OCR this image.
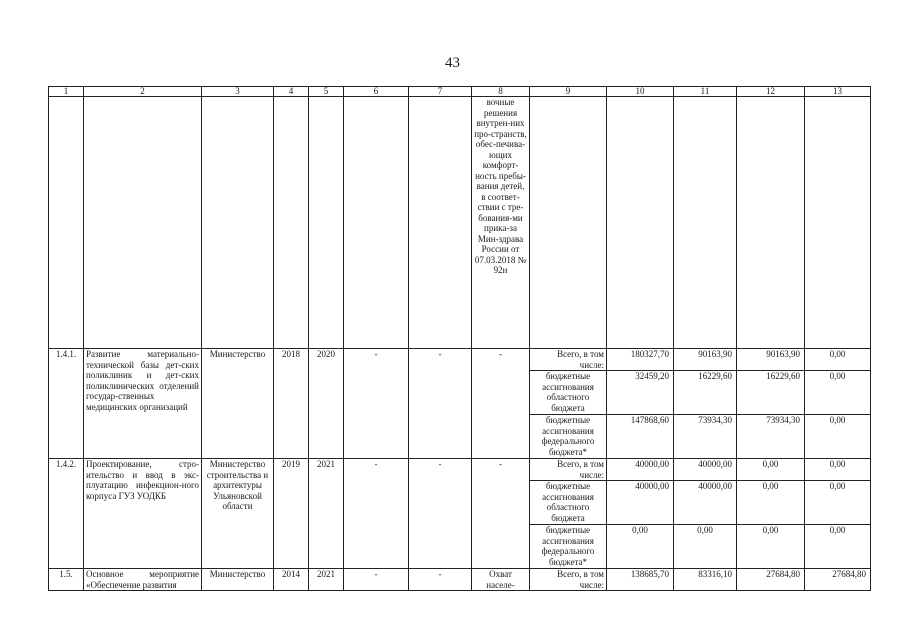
43
1	2	3	4	5	6	7	8	9	10	11	12	13
							вочные решения внутрен-них про-странств, обес-печива-ющих комфорт-ность пребы-вания детей, в соответ-ствии с тре-бования-ми прика-за Мин-здрава России от 07.03.2018 № 92н					
1.4.1.	Развитие материально-технической базы дет-ских поликлиник и дет-ских поликлинических отделений государ-ственных медицинских организаций	Министерство	2018	2020	-	-	-	Всего, в том числе:	180327,70	90163,90	90163,90	0,00
								бюджетные ассигнования областного бюджета	32459,20	16229,60	16229,60	0,00
								бюджетные ассигнования федерального бюджета*	147868,60	73934,30	73934,30	0,00
1.4.2.	Проектирование, стро-ительство и ввод в экс-плуатацию инфекцион-ного корпуса ГУЗ УОДКБ	Министерство строительства и архитектуры Ульяновской области	2019	2021	-	-	-	Всего, в том числе:	40000,00	40000,00	0,00	0,00
								бюджетные ассигнования областного бюджета	40000,00	40000,00	0,00	0,00
								бюджетные ассигнования федерального бюджета*	0,00	0,00	0,00	0,00
1.5.	Основное мероприятие «Обеспечение развития	Министерство	2014	2021	-	-	Охват населе-	Всего, в том числе:	138685,70	83316,10	27684,80	27684,80
